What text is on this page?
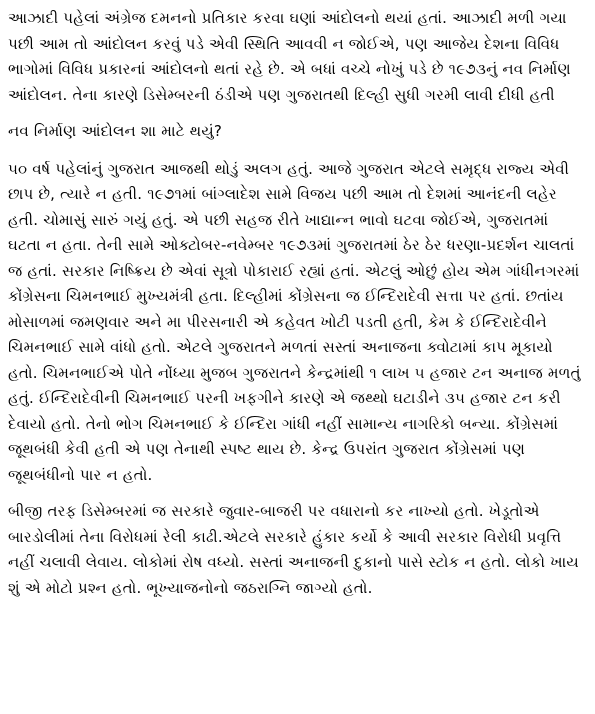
આઝાદી પહેલાં અંગ્રેજ દમનનો પ્રતિકાર કરવા ઘણાં આંદોલનો થયાં હતાં. આઝાદી મળી ગયા પછી આમ તો આંદોલન કરવું પડે એવી સ્થિતિ આવવી ન જોઈએ, પણ આજેય દેશના વિવિધ ભાગોમાં વિવિધ પ્રકારનાં આંદોલનો થતાં રહે છે. એ બધાં વચ્ચે નોખું પડે છે ૧૯૭૩નું નવ નિર્માણ આંદોલન. તેના કારણે ડિસેમ્બરની ઠંડીએ પણ ગુજરાતથી દિલ્હી સુધી ગરમી લાવી દીધી હતી

નવ નિર્માણ આંદોલન શા માટે થયું?

૫૦ વર્ષ પહેલાંનું ગુજરાત આજથી થોડું અલગ હતું. આજે ગુજરાત એટલે સમૃદ્ધ રાજ્ય એવી છાપ છે, ત્યારે ન હતી. ૧૯૭૧માં બાંગ્લાદેશ સામે વિજય પછી આમ તો દેશમાં આનંદની લહેર હતી. ચોમાસું સારું ગયું હતું. એ પછી સહજ રીતે ખાદ્યાન્ન ભાવો ઘટવા જોઈએ, ગુજરાતમાં ઘટતા ન હતા. તેની સામે ઓક્ટોબર-નવેમ્બર ૧૯૭૩માં ગુજરાતમાં ઠેર ઠેર ધરણા-પ્રદર્શન ચાલતાં જ હતાં. સરકાર નિષ્ક્રિય છે એવાં સૂત્રો પોકારાઈ રહ્યાં હતાં. એટલું ઓછું હોય એમ ગાંધીનગરમાં કોંગ્રેસના ચિમનભાઈ મુખ્યમંત્રી હતા. દિલ્હીમાં કોંગ્રેસના જ ઈન્દિરાદેવી સત્તા પર હતાં. છતાંય મોસાળમાં જમણવાર અને મા પીરસનારી એ કહેવત ખોટી પડતી હતી, કેમ કે ઈન્દિરાદેવીને ચિમનભાઈ સામે વાંધો હતો. એટલે ગુજરાતને મળતાં સસ્તાં અનાજના ક્વોટામાં કાપ મૂકાયો હતો. ચિમનભાઈએ પોતે નોંધ્યા મુજબ ગુજરાતને કેન્દ્રમાંથી ૧ લાખ ૫ હજાર ટન અનાજ મળતું હતું. ઈન્દિરાદેવીની ચિમનભાઈ પરની ખફગીને કારણે એ જથ્થો ઘટાડીને ૩૫ હજાર ટન કરી દેવાયો હતો. તેનો ભોગ ચિમનભાઈ કે ઈન્દિરા ગાંધી નહીં સામાન્ય નાગરિકો બન્યા. કોંગ્રેસમાં જૂથબંધી કેવી હતી એ પણ તેનાથી સ્પષ્ટ થાય છે. કેન્દ્ર ઉપરાંત ગુજરાત કોંગ્રેસમાં પણ જૂથબંધીનો પાર ન હતો.

બીજી તરફ ડિસેમ્બરમાં જ સરકારે જુવાર-બાજરી પર વધારાનો કર નાખ્યો હતો. ખેડૂતોએ બારડોલીમાં તેના વિરોધમાં રેલી કાઢી.એટલે સરકારે હુંકાર કર્યો કે આવી સરકાર વિરોધી પ્રવૃત્તિ નહીં ચલાવી લેવાય. લોકોમાં રોષ વધ્યો. સસ્તાં અનાજની દુકાનો પાસે સ્ટોક ન હતો. લોકો ખાય શું એ મોટો પ્રશ્ન હતો. ભૂખ્યાજનોનો જઠરાગ્નિ જાગ્યો હતો.
